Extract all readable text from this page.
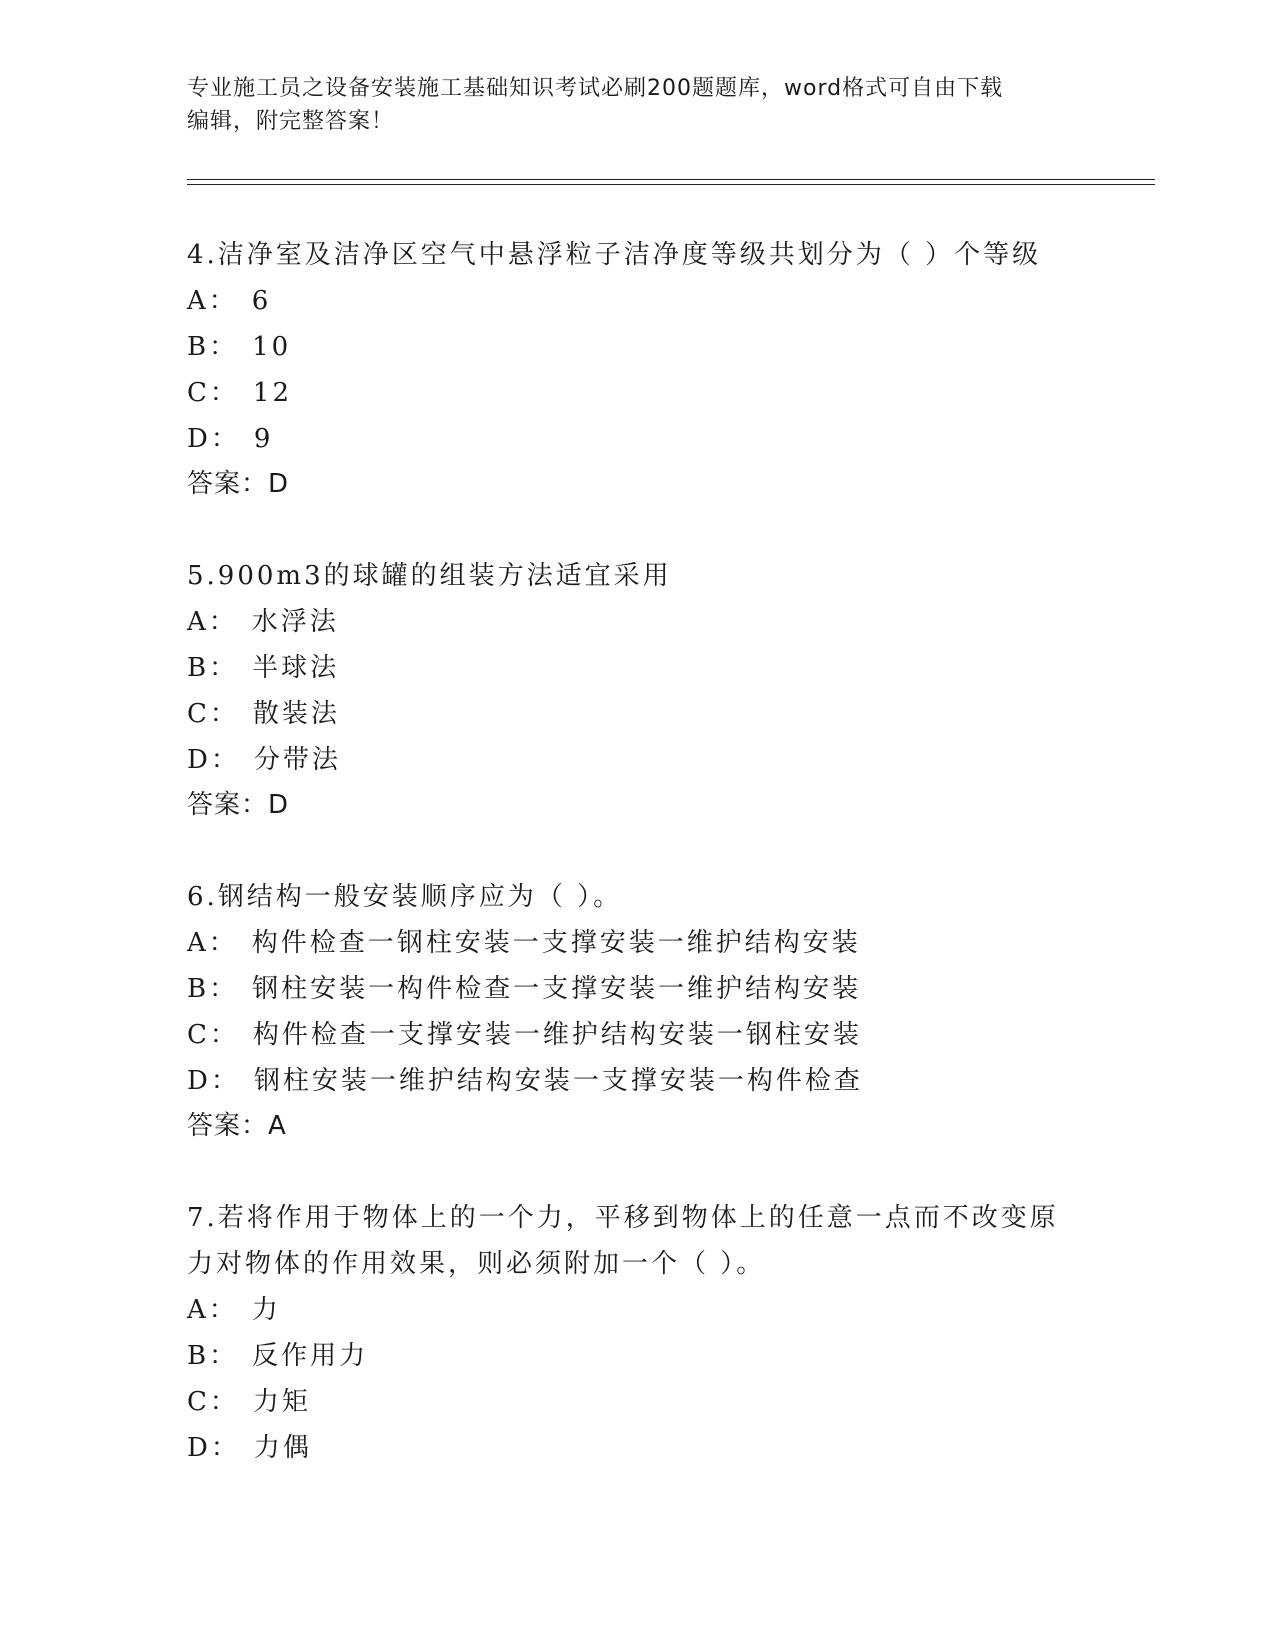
专业施工员之设备安装施工基础知识考试必刷200题题库，word格式可自由下载
编辑，附完整答案！
4.洁净室及洁净区空气中悬浮粒子洁净度等级共划分为（ ）个等级
A： 6
B： 10
C： 12
D： 9
答案：D
5.900m3的球罐的组装方法适宜采用
A： 水浮法
B： 半球法
C： 散装法
D： 分带法
答案：D
6.钢结构一般安装顺序应为（ ）。
A： 构件检查一钢柱安装一支撑安装一维护结构安装
B： 钢柱安装一构件检查一支撑安装一维护结构安装
C： 构件检查一支撑安装一维护结构安装一钢柱安装
D： 钢柱安装一维护结构安装一支撑安装一构件检查
答案：A
7.若将作用于物体上的一个力，平移到物体上的任意一点而不改变原
力对物体的作用效果，则必须附加一个（ ）。
A： 力
B： 反作用力
C： 力矩
D： 力偶
